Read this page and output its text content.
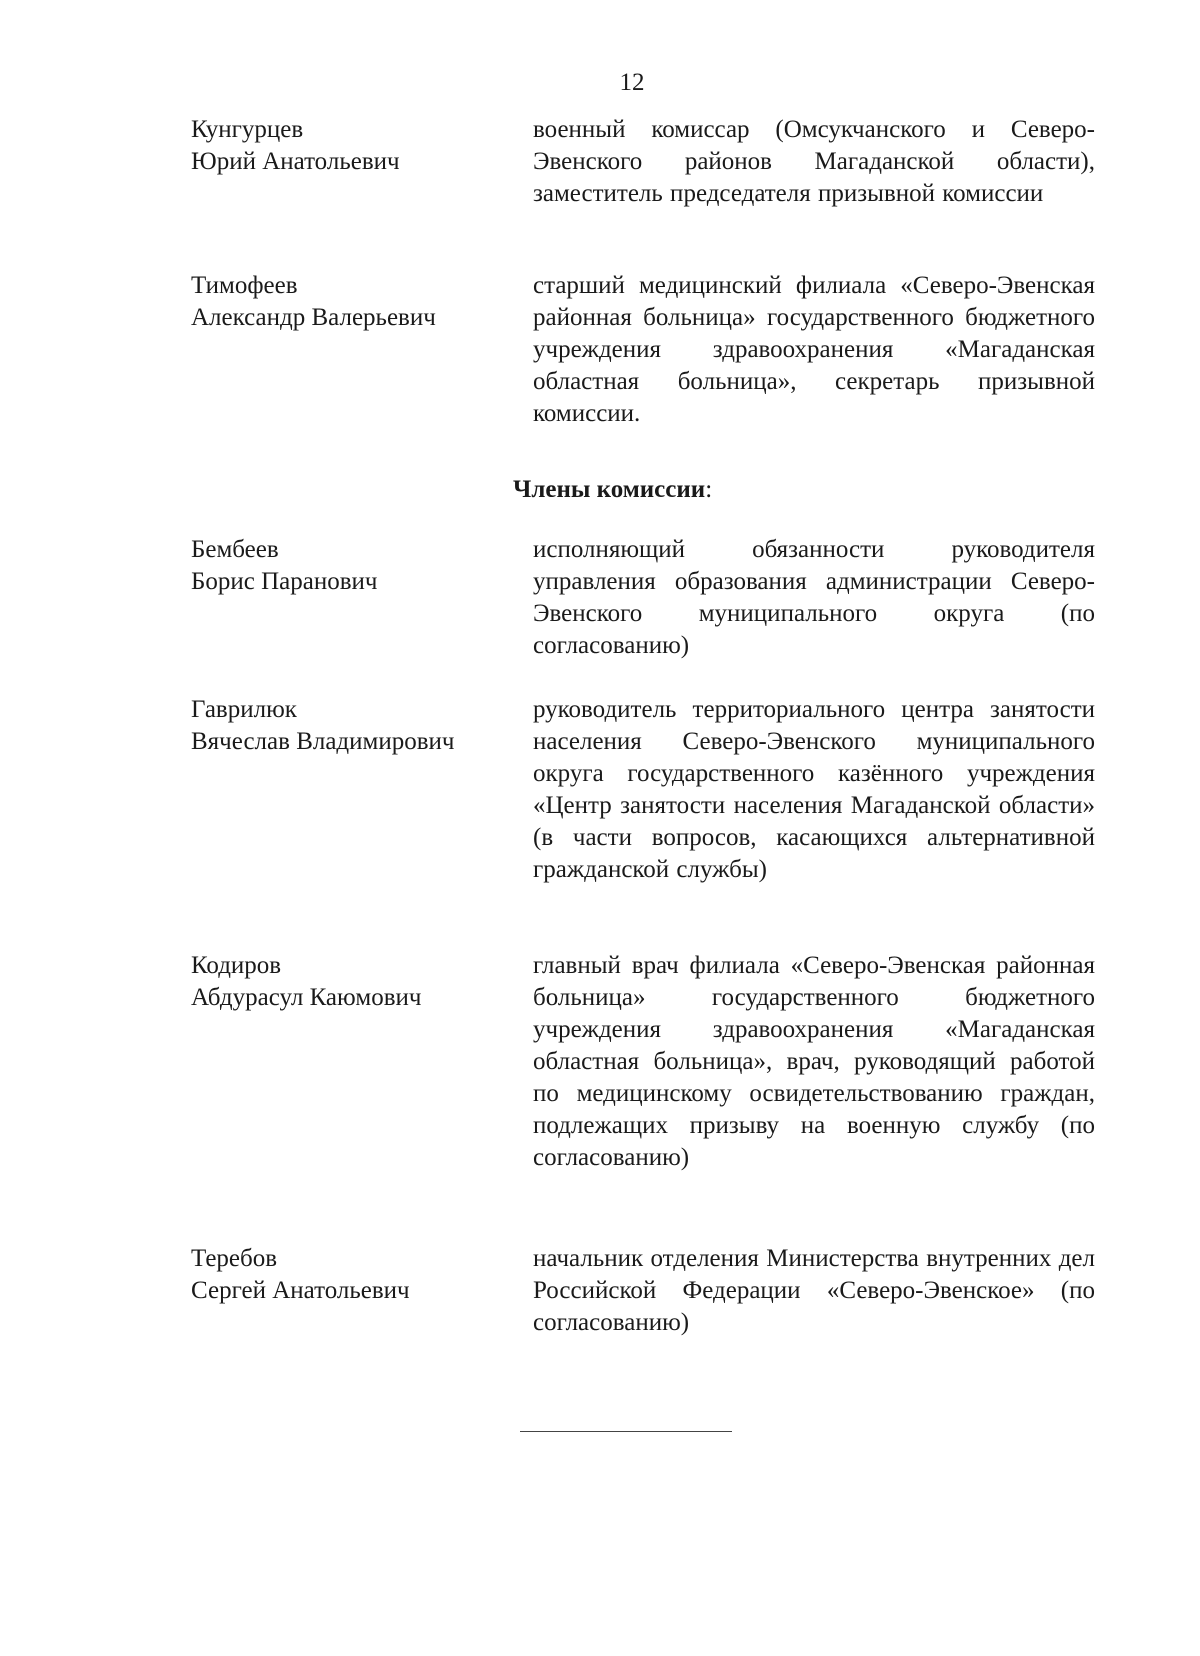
12
Кунгурцев
Юрий Анатольевич
военный комиссар (Омсукчанского и Северо-Эвенского районов Магаданской области), заместитель председателя призывной комиссии
Тимофеев
Александр Валерьевич
старший медицинский филиала «Северо-Эвенская районная больница» государственного бюджетного учреждения здравоохранения «Магаданская областная больница», секретарь призывной комиссии.
Члены комиссии:
Бембеев
Борис Паранович
исполняющий обязанности руководителя управления образования администрации Северо-Эвенского муниципального округа (по согласованию)
Гаврилюк
Вячеслав Владимирович
руководитель территориального центра занятости населения Северо-Эвенского муниципального округа государственного казённого учреждения «Центр занятости населения Магаданской области» (в части вопросов, касающихся альтернативной гражданской службы)
Кодиров
Абдурасул Каюмович
главный врач филиала «Северо-Эвенская районная больница» государственного бюджетного учреждения здравоохранения «Магаданская областная больница», врач, руководящий работой по медицинскому освидетельствованию граждан, подлежащих призыву на военную службу (по согласованию)
Теребов
Сергей Анатольевич
начальник отделения Министерства внутренних дел Российской Федерации «Северо-Эвенское» (по согласованию)
